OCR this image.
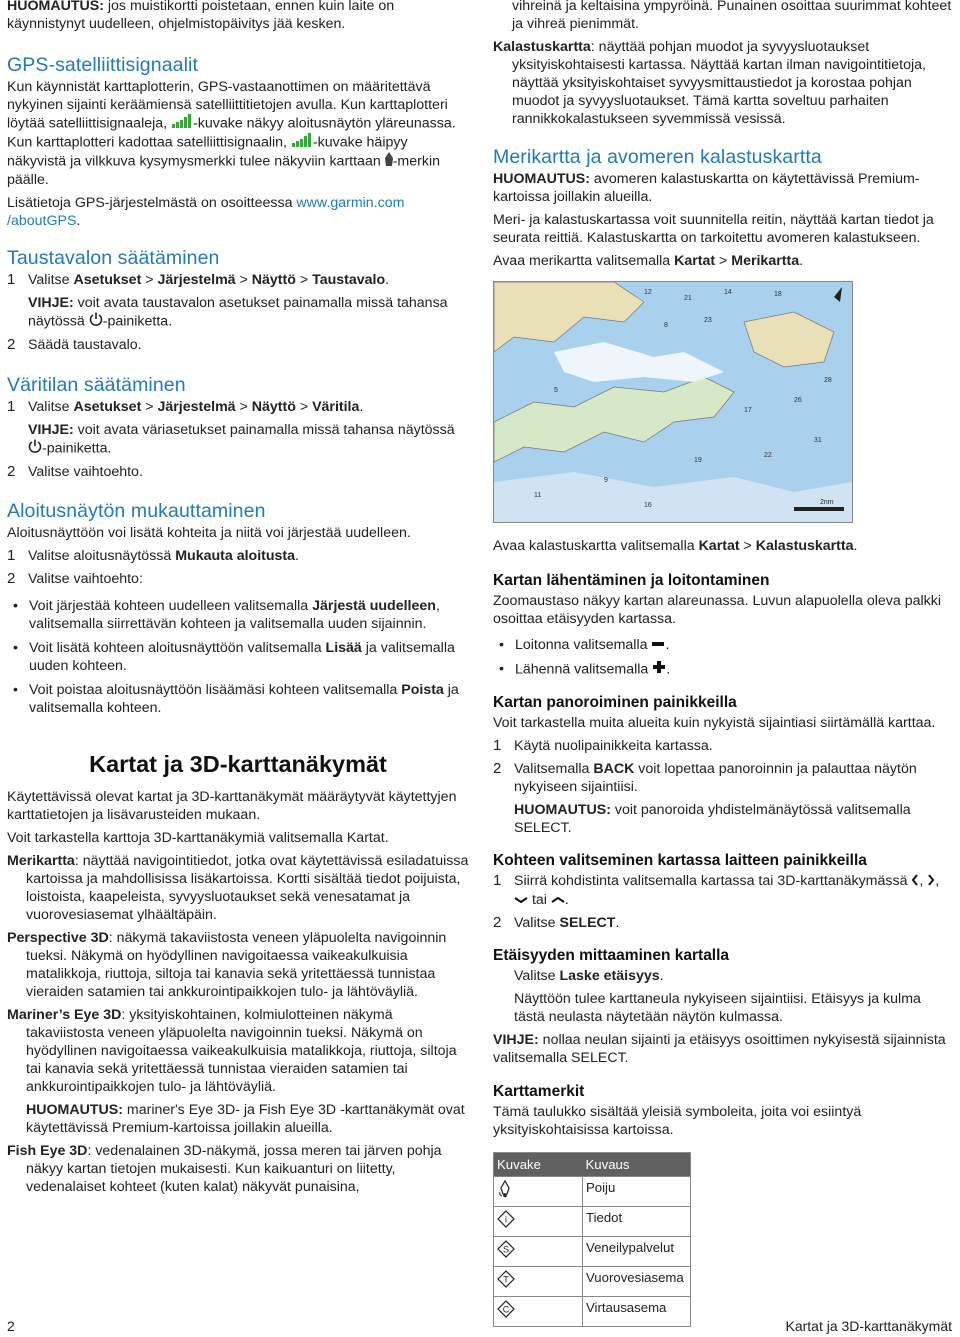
HUOMAUTUS: jos muistikortti poistetaan, ennen kuin laite on käynnistynyt uudelleen, ohjelmistopäivitys jää kesken.

GPS-satelliittisignaalit

Kun käynnistät karttaplotterin, GPS-vastaanottimen on määritettävä nykyinen sijainti keräämiensä satelliittitietojen avulla. Kun karttaplotteri löytää satelliittisignaaleja, -kuvake näkyy aloitusnäytön yläreunassa. Kun karttaplotteri kadottaa satelliittisignaalin, -kuvake häipyy näkyvistä ja vilkkuva kysymysmerkki tulee näkyviin karttaan -merkin päälle.

Lisätietoja GPS-järjestelmästä on osoitteessa www.garmin.com /aboutGPS.

Taustavalon säätäminen
1 Valitse Asetukset > Järjestelmä > Näyttö > Taustavalo.

VIHJE: voit avata taustavalon asetukset painamalla missä tahansa näytössä -painiketta.

2 Säädä taustavalo.
Väritilan säätäminen
1 Valitse Asetukset > Järjestelmä > Näyttö > Väritila.

VIHJE: voit avata väriasetukset painamalla missä tahansa näytössä -painiketta.

2 Valitse vaihtoehto.
Aloitusnäytön mukauttaminen

Aloitusnäyttöön voi lisätä kohteita ja niitä voi järjestää uudelleen.

1 Valitse aloitusnäytössä Mukauta aloitusta.
2 Valitse vaihtoehto:
• Voit järjestää kohteen uudelleen valitsemalla Järjestä uudelleen, valitsemalla siirrettävän kohteen ja valitsemalla uuden sijainnin.
• Voit lisätä kohteen aloitusnäyttöön valitsemalla Lisää ja valitsemalla uuden kohteen.
• Voit poistaa aloitusnäyttöön lisäämäsi kohteen valitsemalla Poista ja valitsemalla kohteen.
Kartat ja 3D-karttanäkymät

Käytettävissä olevat kartat ja 3D-karttanäkymät määräytyvät käytettyjen karttatietojen ja lisävarusteiden mukaan.

Voit tarkastella karttoja 3D-karttanäkymiä valitsemalla Kartat.

Merikartta: näyttää navigointitiedot, jotka ovat käytettävissä esiladatuissa kartoissa ja mahdollisissa lisäkartoissa. Kortti sisältää tiedot poijuista, loistoista, kaapeleista, syvyysluotaukset sekä venesatamat ja vuorovesiasemat ylhäältäpäin.

Perspective 3D: näkymä takaviistosta veneen yläpuolelta navigoinnin tueksi. Näkymä on hyödyllinen navigoitaessa vaikeakulkuisia matalikkoja, riuttoja, siltoja tai kanavia sekä yritettäessä tunnistaa vieraiden satamien tai ankkurointipaikkojen tulo- ja lähtöväyliä.

Mariner’s Eye 3D: yksityiskohtainen, kolmiulotteinen näkymä takaviistosta veneen yläpuolelta navigoinnin tueksi. Näkymä on hyödyllinen navigoitaessa vaikeakulkuisia matalikkoja, riuttoja, siltoja tai kanavia sekä yritettäessä tunnistaa vieraiden satamien tai ankkurointipaikkojen tulo- ja lähtöväyliä.

HUOMAUTUS: mariner's Eye 3D- ja Fish Eye 3D -karttanäkymät ovat käytettävissä Premium-kartoissa joillakin alueilla.

Fish Eye 3D: vedenalainen 3D-näkymä, jossa meren tai järven pohja näkyy kartan tietojen mukaisesti. Kun kaikuanturi on liitetty, vedenalaiset kohteet (kuten kalat) näkyvät punaisina,

vihreinä ja keltaisina ympyröinä. Punainen osoittaa suurimmat kohteet ja vihreä pienimmät.

Kalastuskartta: näyttää pohjan muodot ja syvyysluotaukset yksityiskohtaisesti kartassa. Näyttää kartan ilman navigointitietoja, näyttää yksityiskohtaiset syvyysmittaustiedot ja korostaa pohjan muodot ja syvyysluotaukset. Tämä kartta soveltuu parhaiten rannikkokalastukseen syvemmissä vesissä.

Merikartta ja avomeren kalastuskartta

HUOMAUTUS: avomeren kalastuskartta on käytettävissä Premium-kartoissa joillakin alueilla.

Meri- ja kalastuskartassa voit suunnitella reitin, näyttää kartan tiedot ja seurata reittiä. Kalastuskartta on tarkoitettu avomeren kalastukseen.

Avaa merikartta valitsemalla Kartat > Merikartta.

12
21
14	18
8
23
5
17
26
31
9
11
19
22
16
28
2nm

Avaa kalastuskartta valitsemalla Kartat > Kalastuskartta.

Kartan lähentäminen ja loitontaminen

Zoomaustaso näkyy kartan alareunassa. Luvun alapuolella oleva palkki osoittaa etäisyyden kartassa.

• Loitonna valitsemalla .
• Lähennä valitsemalla .
Kartan panoroiminen painikkeilla

Voit tarkastella muita alueita kuin nykyistä sijaintiasi siirtämällä karttaa.

1 Käytä nuolipainikkeita kartassa.
2 Valitsemalla BACK voit lopettaa panoroinnin ja palauttaa näytön nykyiseen sijaintiisi.

HUOMAUTUS: voit panoroida yhdistelmänäytössä valitsemalla SELECT.

Kohteen valitseminen kartassa laitteen painikkeilla
1 Siirrä kohdistinta valitsemalla kartassa tai 3D-karttanäkymässä , ,  tai .
2 Valitse SELECT.
Etäisyyden mittaaminen kartalla

Valitse Laske etäisyys.

Näyttöön tulee karttaneula nykyiseen sijaintiisi. Etäisyys ja kulma tästä neulasta näytetään näytön kulmassa.

VIHJE: nollaa neulan sijainti ja etäisyys osoittimen nykyisestä sijainnista valitsemalla SELECT.

Karttamerkit

Tämä taulukko sisältää yleisiä symboleita, joita voi esiintyä yksityiskohtaisissa kartoissa.

Kuvake	Kuvaus
	Poiju

i	Tiedot

S	Veneilypalvelut

T	Vuorovesiasema

C	Virtausasema
2	Kartat ja 3D-karttanäkymät
